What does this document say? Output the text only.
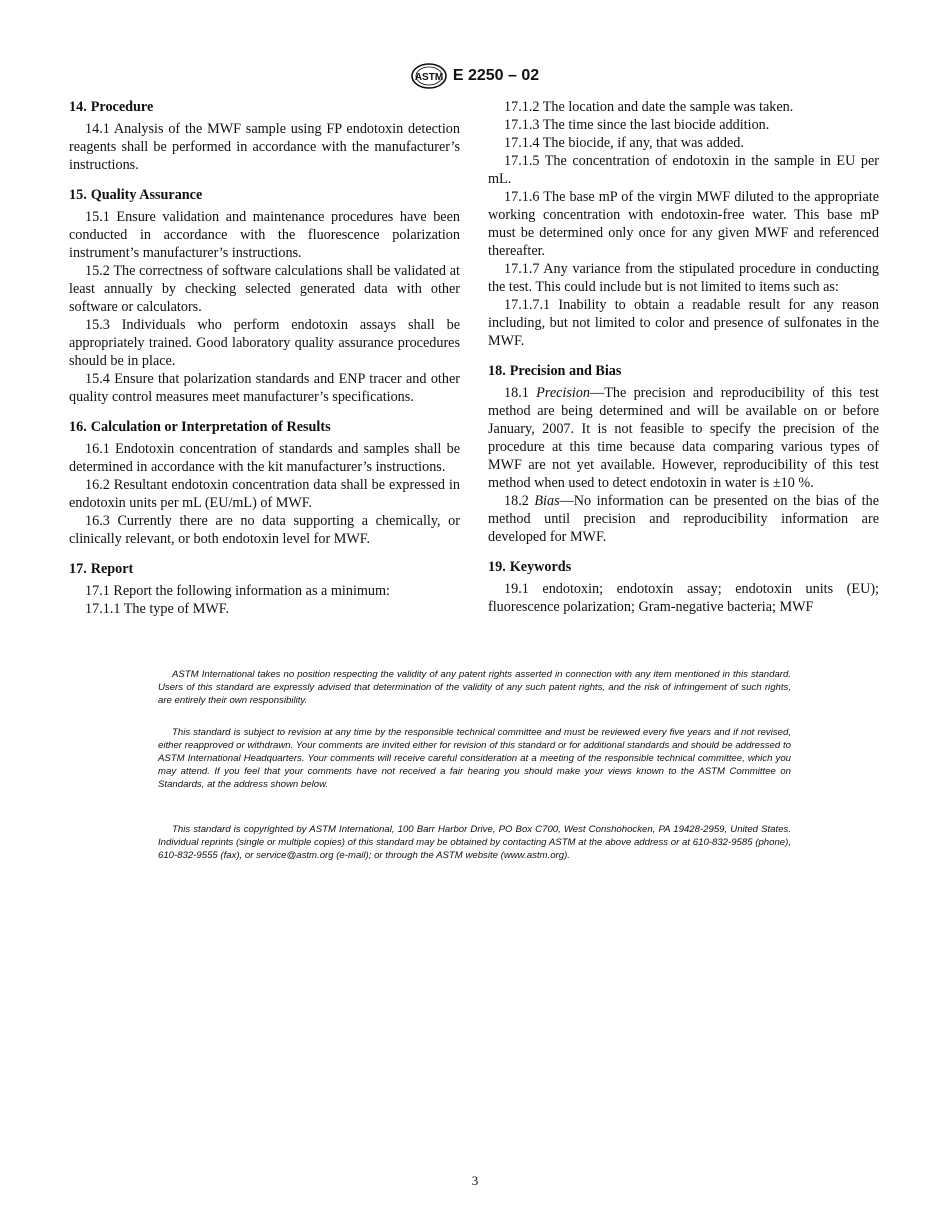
ASTM E 2250 – 02
14. Procedure

14.1 Analysis of the MWF sample using FP endotoxin detection reagents shall be performed in accordance with the manufacturer’s instructions.

15. Quality Assurance

15.1 Ensure validation and maintenance procedures have been conducted in accordance with the fluorescence polarization instrument’s manufacturer’s instructions.

15.2 The correctness of software calculations shall be validated at least annually by checking selected generated data with other software or calculators.

15.3 Individuals who perform endotoxin assays shall be appropriately trained. Good laboratory quality assurance procedures should be in place.

15.4 Ensure that polarization standards and ENP tracer and other quality control measures meet manufacturer’s specifications.

16. Calculation or Interpretation of Results

16.1 Endotoxin concentration of standards and samples shall be determined in accordance with the kit manufacturer’s instructions.

16.2 Resultant endotoxin concentration data shall be expressed in endotoxin units per mL (EU/mL) of MWF.

16.3 Currently there are no data supporting a chemically, or clinically relevant, or both endotoxin level for MWF.

17. Report

17.1 Report the following information as a minimum:

17.1.1 The type of MWF.

17.1.2 The location and date the sample was taken.

17.1.3 The time since the last biocide addition.

17.1.4 The biocide, if any, that was added.

17.1.5 The concentration of endotoxin in the sample in EU per mL.

17.1.6 The base mP of the virgin MWF diluted to the appropriate working concentration with endotoxin-free water. This base mP must be determined only once for any given MWF and referenced thereafter.

17.1.7 Any variance from the stipulated procedure in conducting the test. This could include but is not limited to items such as:

17.1.7.1 Inability to obtain a readable result for any reason including, but not limited to color and presence of sulfonates in the MWF.

18. Precision and Bias

18.1 Precision—The precision and reproducibility of this test method are being determined and will be available on or before January, 2007. It is not feasible to specify the precision of the procedure at this time because data comparing various types of MWF are not yet available. However, reproducibility of this test method when used to detect endotoxin in water is ±10 %.

18.2 Bias—No information can be presented on the bias of the method until precision and reproducibility information are developed for MWF.

19. Keywords

19.1 endotoxin; endotoxin assay; endotoxin units (EU); fluorescence polarization; Gram-negative bacteria; MWF

ASTM International takes no position respecting the validity of any patent rights asserted in connection with any item mentioned in this standard. Users of this standard are expressly advised that determination of the validity of any such patent rights, and the risk of infringement of such rights, are entirely their own responsibility.

This standard is subject to revision at any time by the responsible technical committee and must be reviewed every five years and if not revised, either reapproved or withdrawn. Your comments are invited either for revision of this standard or for additional standards and should be addressed to ASTM International Headquarters. Your comments will receive careful consideration at a meeting of the responsible technical committee, which you may attend. If you feel that your comments have not received a fair hearing you should make your views known to the ASTM Committee on Standards, at the address shown below.

This standard is copyrighted by ASTM International, 100 Barr Harbor Drive, PO Box C700, West Conshohocken, PA 19428-2959, United States. Individual reprints (single or multiple copies) of this standard may be obtained by contacting ASTM at the above address or at 610-832-9585 (phone), 610-832-9555 (fax), or service@astm.org (e-mail); or through the ASTM website (www.astm.org).

3
